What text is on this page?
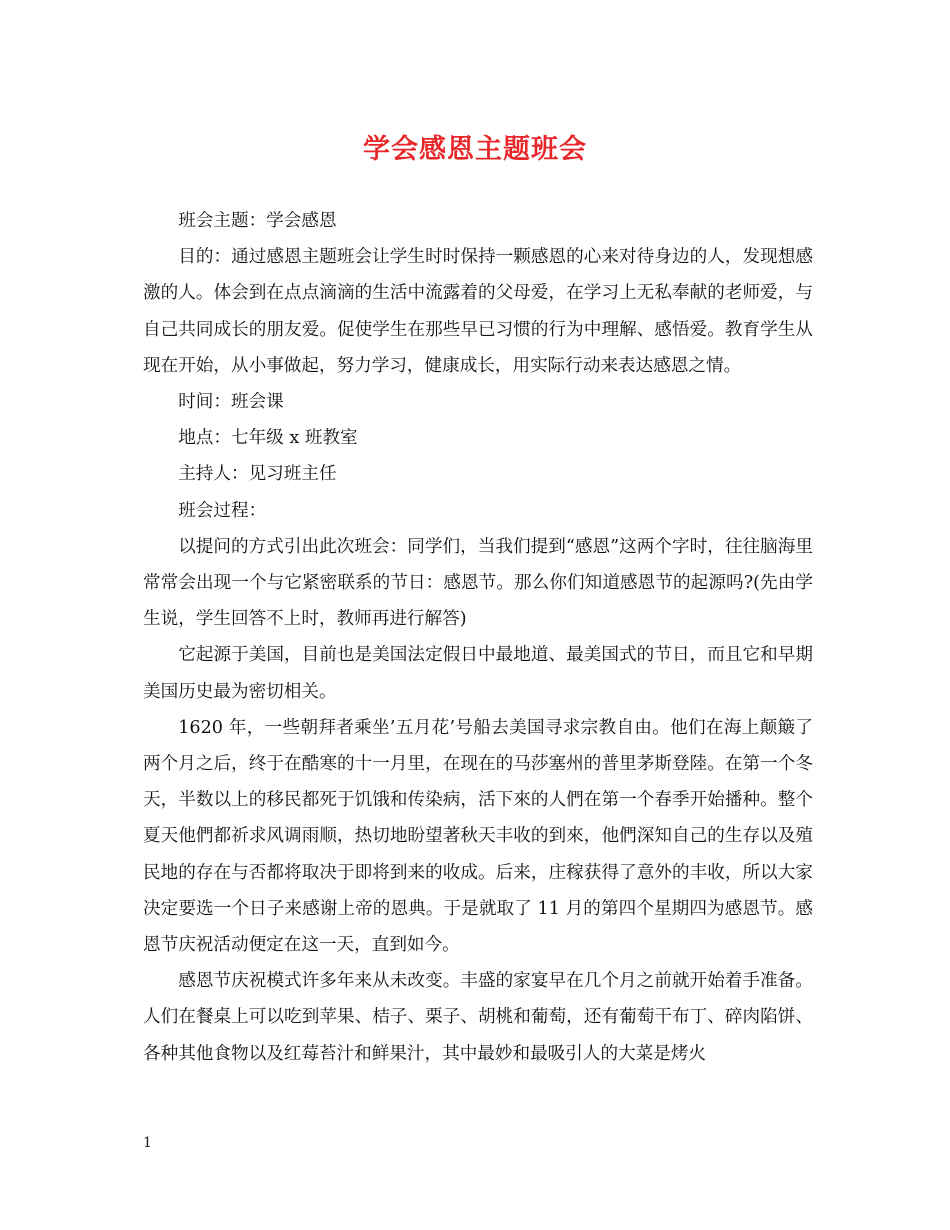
学会感恩主题班会

班会主题：学会感恩

目的：通过感恩主题班会让学生时时保持一颗感恩的心来对待身边的人，发现想感激的人。体会到在点点滴滴的生活中流露着的父母爱，在学习上无私奉献的老师爱，与自己共同成长的朋友爱。促使学生在那些早已习惯的行为中理解、感悟爱。教育学生从现在开始，从小事做起，努力学习，健康成长，用实际行动来表达感恩之情。

时间：班会课

地点：七年级 x 班教室

主持人：见习班主任

班会过程：

以提问的方式引出此次班会：同学们，当我们提到“感恩”这两个字时，往往脑海里常常会出现一个与它紧密联系的节日：感恩节。那么你们知道感恩节的起源吗?(先由学生说，学生回答不上时，教师再进行解答)

它起源于美国，目前也是美国法定假日中最地道、最美国式的节日，而且它和早期美国历史最为密切相关。

1620 年，一些朝拜者乘坐’五月花’号船去美国寻求宗教自由。他们在海上颠簸了两个月之后，终于在酷寒的十一月里，在现在的马莎塞州的普里茅斯登陸。在第一个冬天，半数以上的移民都死于饥饿和传染病，活下來的人們在第一个春季开始播种。整个夏天他們都祈求风调雨顺，热切地盼望著秋天丰收的到來，他們深知自己的生存以及殖民地的存在与否都将取决于即将到来的收成。后来，庄稼获得了意外的丰收，所以大家决定要选一个日子来感谢上帝的恩典。于是就取了 11 月的第四个星期四为感恩节。感恩节庆祝活动便定在这一天，直到如今。

感恩节庆祝模式许多年来从未改变。丰盛的家宴早在几个月之前就开始着手准备。人们在餐桌上可以吃到苹果、桔子、栗子、胡桃和葡萄，还有葡萄干布丁、碎肉陷饼、各种其他食物以及红莓苔汁和鲜果汁，其中最妙和最吸引人的大菜是烤火

1
